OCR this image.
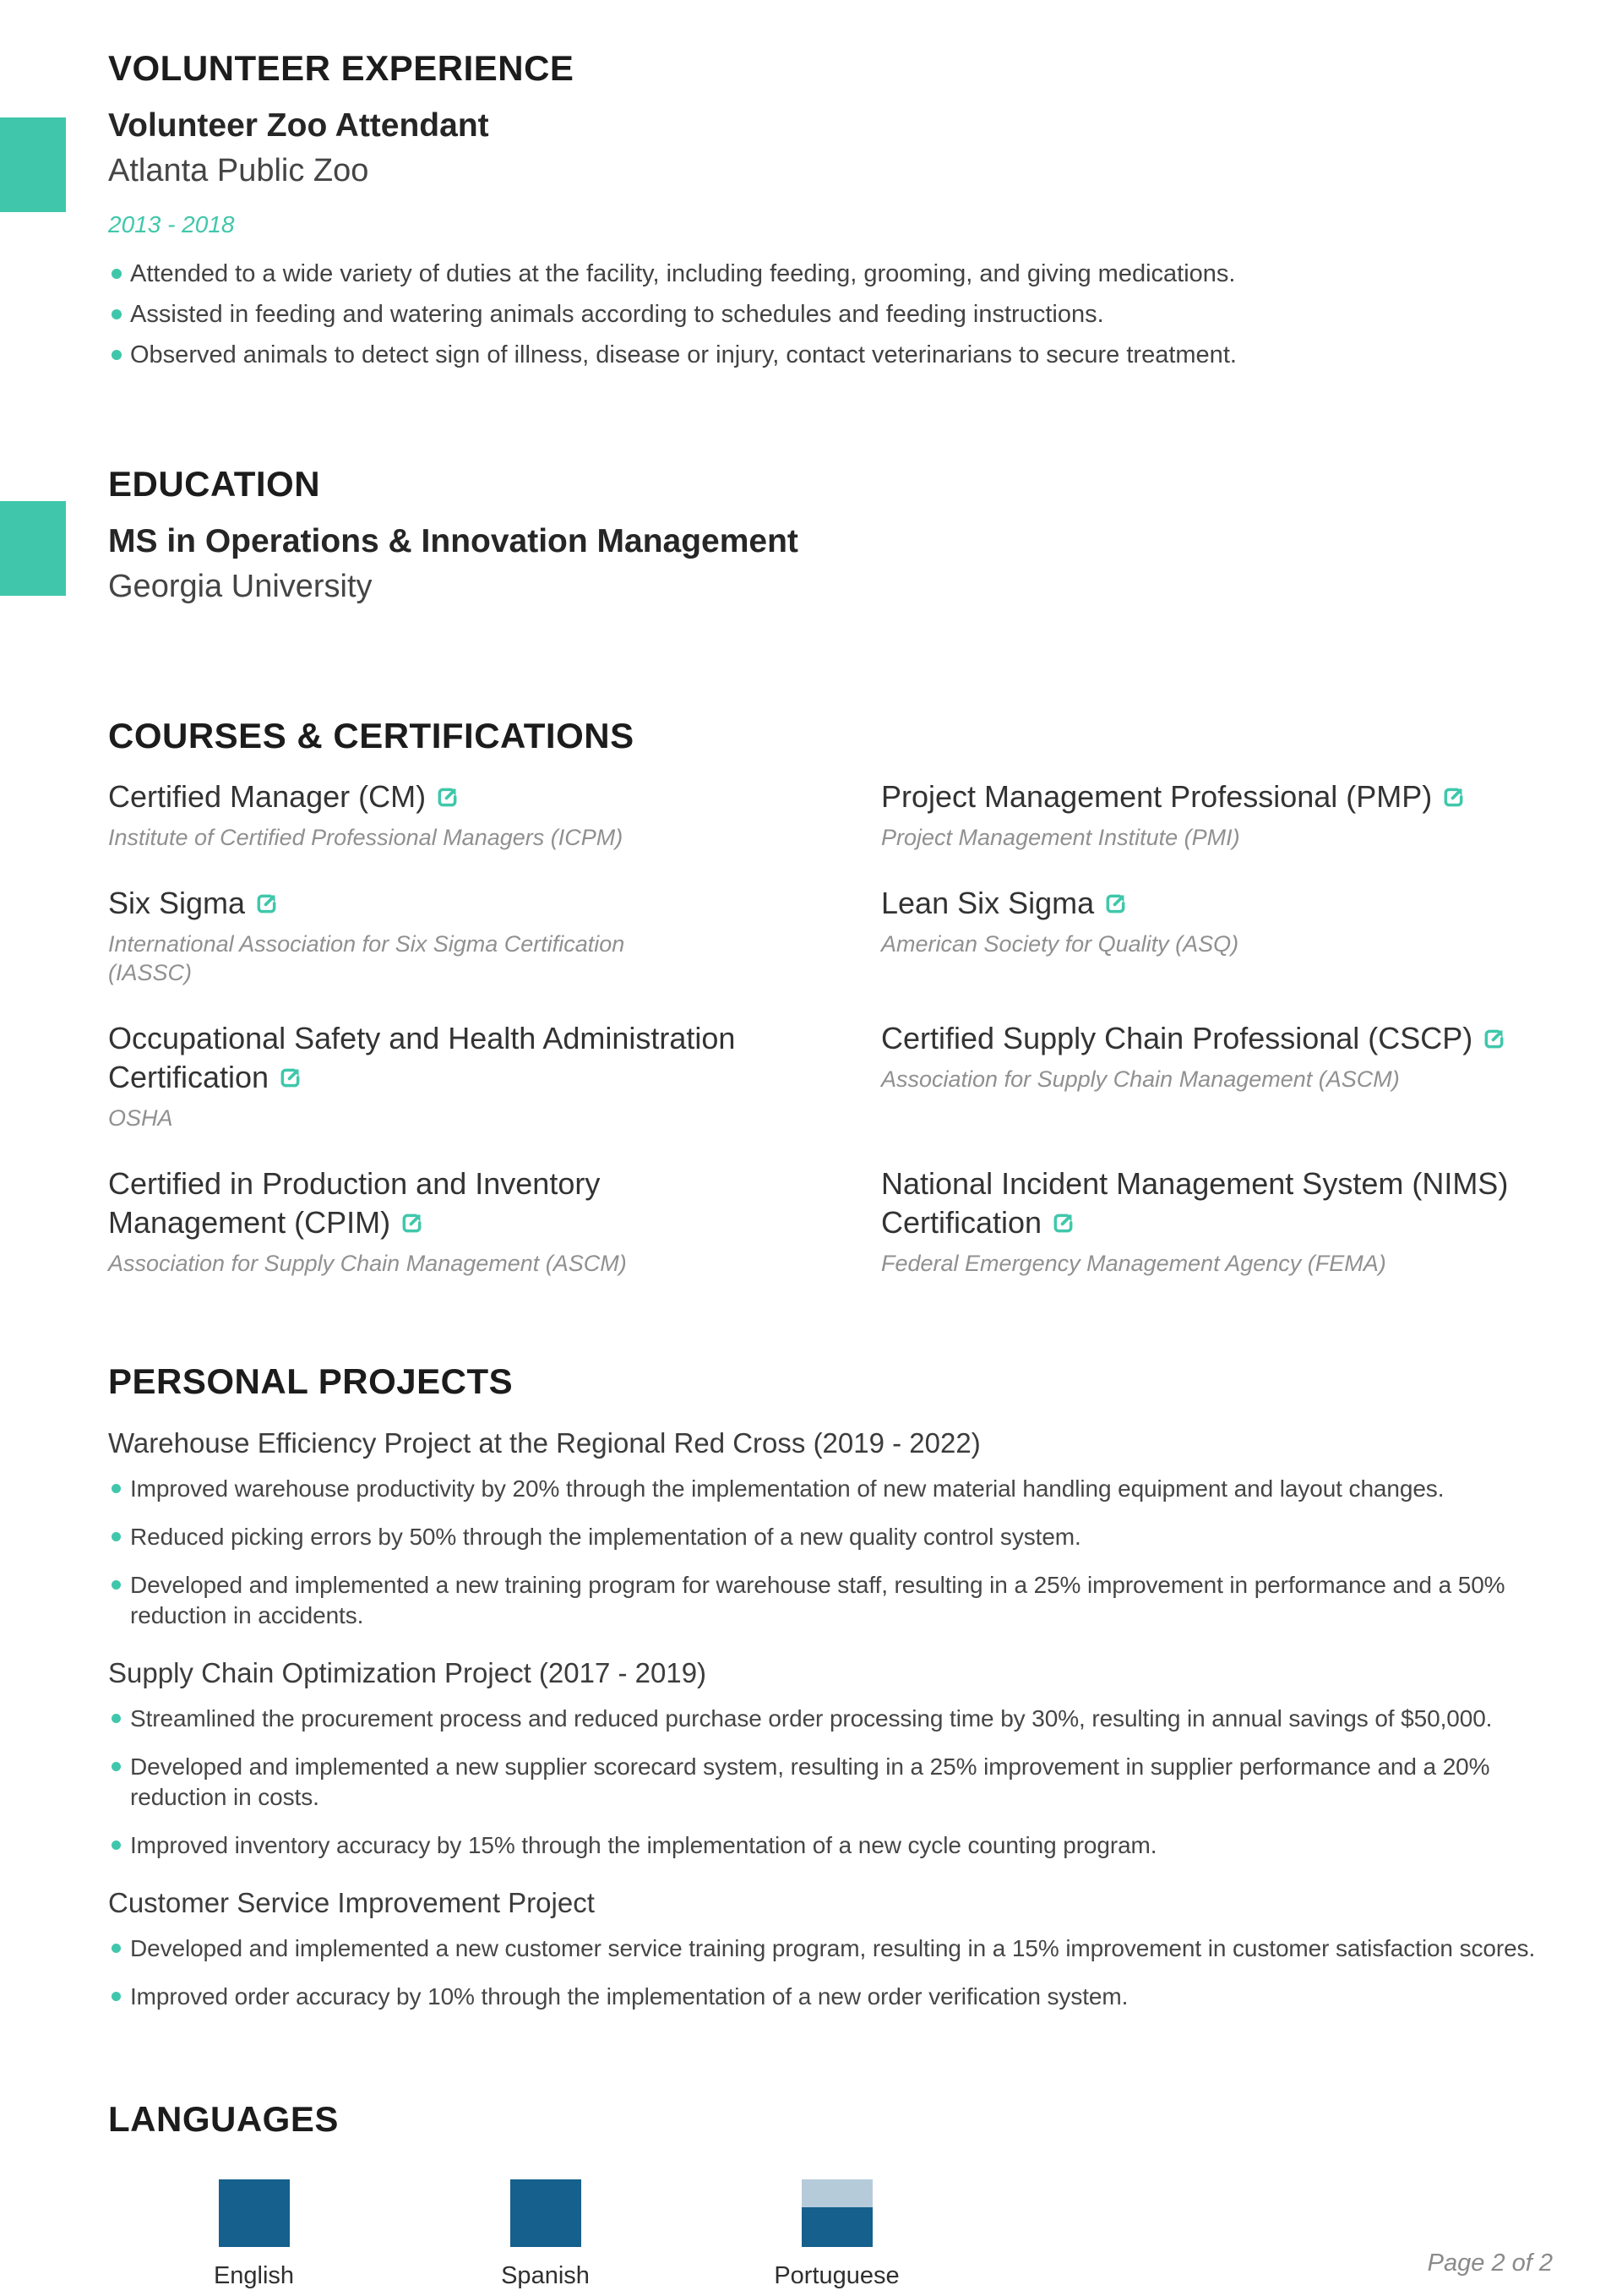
VOLUNTEER EXPERIENCE
Volunteer Zoo Attendant
Atlanta Public Zoo
2013 - 2018
Attended to a wide variety of duties at the facility, including feeding, grooming, and giving medications.
Assisted in feeding and watering animals according to schedules and feeding instructions.
Observed animals to detect sign of illness, disease or injury, contact veterinarians to secure treatment.
EDUCATION
MS in Operations & Innovation Management
Georgia University
COURSES & CERTIFICATIONS
Certified Manager (CM)
Institute of Certified Professional Managers (ICPM)
Project Management Professional (PMP)
Project Management Institute (PMI)
Six Sigma
International Association for Six Sigma Certification (IASSC)
Lean Six Sigma
American Society for Quality (ASQ)
Occupational Safety and Health Administration Certification
OSHA
Certified Supply Chain Professional (CSCP)
Association for Supply Chain Management (ASCM)
Certified in Production and Inventory Management (CPIM)
Association for Supply Chain Management (ASCM)
National Incident Management System (NIMS) Certification
Federal Emergency Management Agency (FEMA)
PERSONAL PROJECTS
Warehouse Efficiency Project at the Regional Red Cross (2019 - 2022)
Improved warehouse productivity by 20% through the implementation of new material handling equipment and layout changes.
Reduced picking errors by 50% through the implementation of a new quality control system.
Developed and implemented a new training program for warehouse staff, resulting in a 25% improvement in performance and a 50% reduction in accidents.
Supply Chain Optimization Project (2017 - 2019)
Streamlined the procurement process and reduced purchase order processing time by 30%, resulting in annual savings of $50,000.
Developed and implemented a new supplier scorecard system, resulting in a 25% improvement in supplier performance and a 20% reduction in costs.
Improved inventory accuracy by 15% through the implementation of a new cycle counting program.
Customer Service Improvement Project
Developed and implemented a new customer service training program, resulting in a 15% improvement in customer satisfaction scores.
Improved order accuracy by 10% through the implementation of a new order verification system.
LANGUAGES
English	Spanish	Portuguese	Page 2 of 2
